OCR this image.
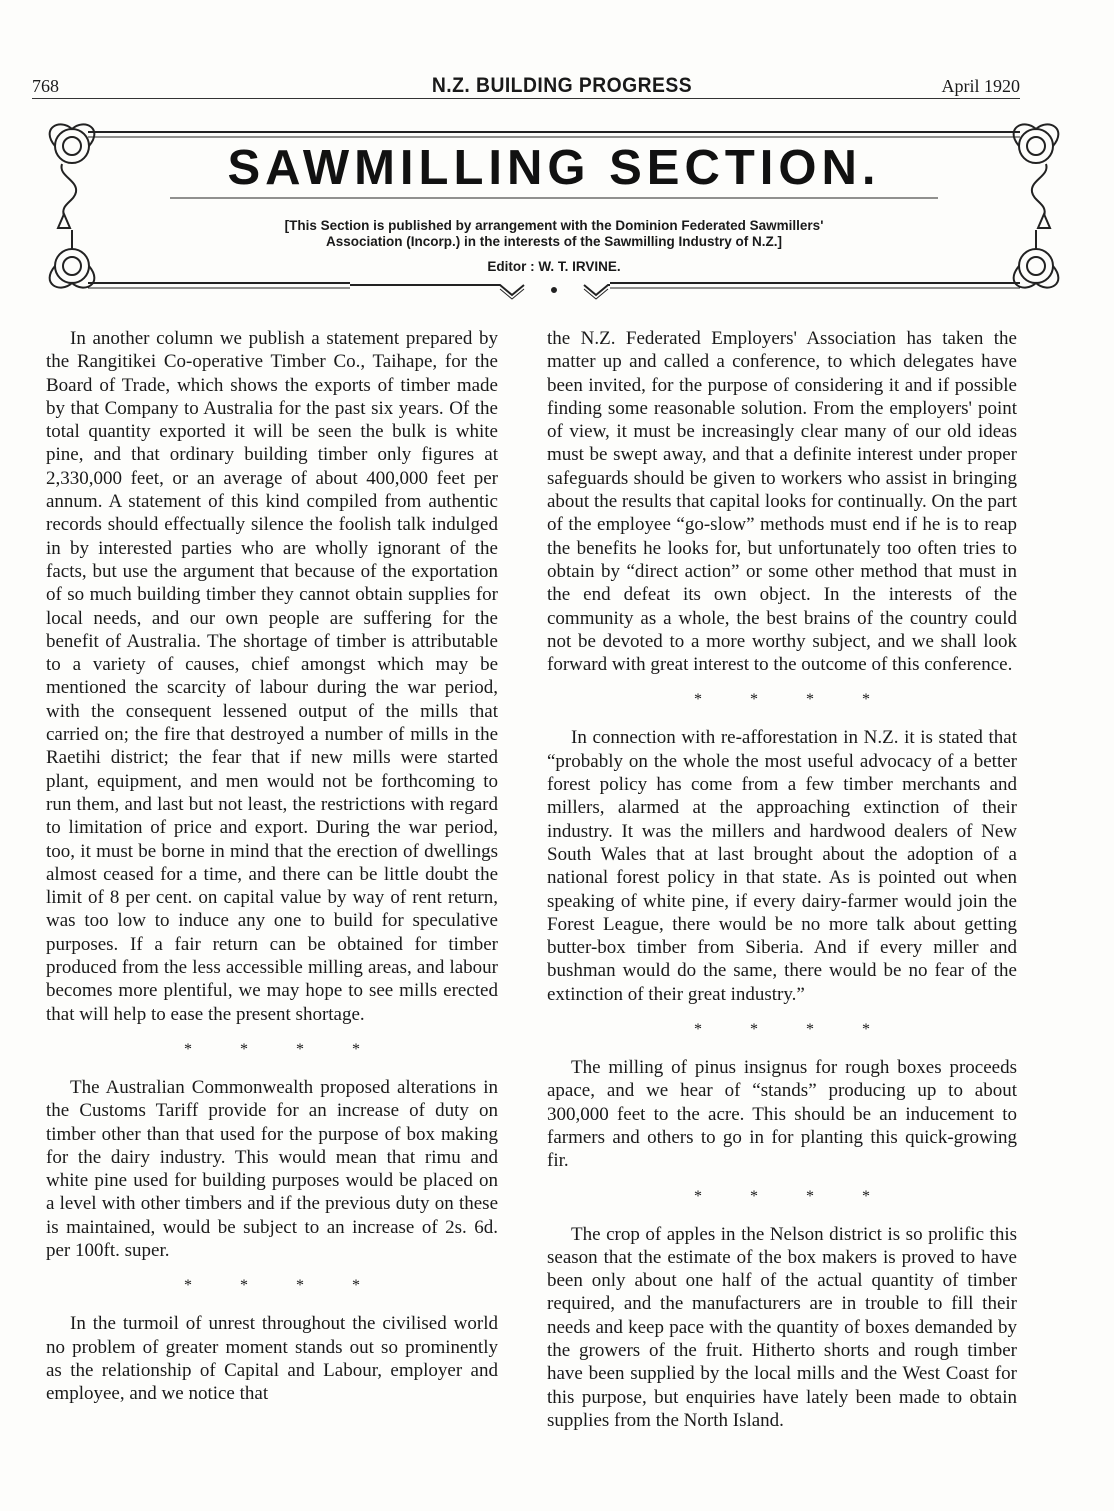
768	N.Z. BUILDING PROGRESS	April 1920
SAWMILLING SECTION.
[This Section is published by arrangement with the Dominion Federated Sawmillers'
Association (Incorp.) in the interests of the Sawmilling Industry of N.Z.]
Editor : W. T. IRVINE.

In another column we publish a statement prepared by the Rangitikei Co-operative Timber Co., Taihape, for the Board of Trade, which shows the exports of timber made by that Company to Australia for the past six years. Of the total quantity exported it will be seen the bulk is white pine, and that ordinary building timber only figures at 2,330,000 feet, or an average of about 400,000 feet per annum. A statement of this kind compiled from authentic records should effectually silence the foolish talk indulged in by interested parties who are wholly ignorant of the facts, but use the argument that because of the exportation of so much building timber they cannot obtain supplies for local needs, and our own people are suffering for the benefit of Australia. The shortage of timber is attributable to a variety of causes, chief amongst which may be mentioned the scarcity of labour during the war period, with the consequent lessened output of the mills that carried on; the fire that destroyed a number of mills in the Raetihi district; the fear that if new mills were started plant, equipment, and men would not be forthcoming to run them, and last but not least, the restrictions with regard to limitation of price and export. During the war period, too, it must be borne in mind that the erection of dwellings almost ceased for a time, and there can be little doubt the limit of 8 per cent. on capital value by way of rent return, was too low to induce any one to build for speculative purposes. If a fair return can be obtained for timber produced from the less accessible milling areas, and labour becomes more plentiful, we may hope to see mills erected that will help to ease the present shortage.

* * * *

The Australian Commonwealth proposed alterations in the Customs Tariff provide for an increase of duty on timber other than that used for the purpose of box making for the dairy industry. This would mean that rimu and white pine used for building purposes would be placed on a level with other timbers and if the previous duty on these is maintained, would be subject to an increase of 2s. 6d. per 100ft. super.

* * * *

In the turmoil of unrest throughout the civilised world no problem of greater moment stands out so prominently as the relationship of Capital and Labour, employer and employee, and we notice that

the N.Z. Federated Employers' Association has taken the matter up and called a conference, to which delegates have been invited, for the purpose of considering it and if possible finding some reasonable solution. From the employers' point of view, it must be increasingly clear many of our old ideas must be swept away, and that a definite interest under proper safeguards should be given to workers who assist in bringing about the results that capital looks for continually. On the part of the employee “go-slow” methods must end if he is to reap the benefits he looks for, but unfortunately too often tries to obtain by “direct action” or some other method that must in the end defeat its own object. In the interests of the community as a whole, the best brains of the country could not be devoted to a more worthy subject, and we shall look forward with great interest to the outcome of this conference.

* * * *

In connection with re-afforestation in N.Z. it is stated that “probably on the whole the most useful advocacy of a better forest policy has come from a few timber merchants and millers, alarmed at the approaching extinction of their industry. It was the millers and hardwood dealers of New South Wales that at last brought about the adoption of a national forest policy in that state. As is pointed out when speaking of white pine, if every dairy-farmer would join the Forest League, there would be no more talk about getting butter-box timber from Siberia. And if every miller and bushman would do the same, there would be no fear of the extinction of their great industry.”

* * * *

The milling of pinus insignus for rough boxes proceeds apace, and we hear of “stands” producing up to about 300,000 feet to the acre. This should be an inducement to farmers and others to go in for planting this quick-growing fir.

* * * *

The crop of apples in the Nelson district is so prolific this season that the estimate of the box makers is proved to have been only about one half of the actual quantity of timber required, and the manufacturers are in trouble to fill their needs and keep pace with the quantity of boxes demanded by the growers of the fruit. Hitherto shorts and rough timber have been supplied by the local mills and the West Coast for this purpose, but enquiries have lately been made to obtain supplies from the North Island.
